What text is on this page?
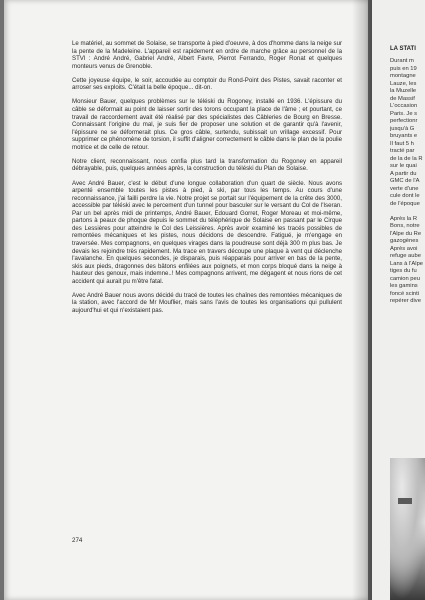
Le matériel, au sommet de Solaise, se transporte à pied d'oeuvre, à dos d'homme dans la neige sur la pente de la Madeleine. L'appareil est rapidement en ordre de marche grâce au personnel de la STVI : André André, Gabriel André, Albert Favre, Pierrot Ferrando, Roger Ronat et quelques monteurs venus de Grenoble.

Cette joyeuse équipe, le soir, accoudée au comptoir du Rond-Point des Pistes, savait raconter et arroser ses exploits. C'était la belle époque... dit-on.

Monsieur Bauer, quelques problèmes sur le téléski du Rogoney, installé en 1936. L'épissure du câble se déformait au point de laisser sortir des torons occupant la place de l'âme ; et pourtant, ce travail de raccordement avait été réalisé par des spécialistes des Câbleries de Bourg en Bresse. Connaissant l'origine du mal, je suis fier de proposer une solution et de garantir qu'à l'avenir, l'épissure ne se déformerait plus. Ce gros câble, surtendu, subissait un vrillage excessif. Pour supprimer ce phénomène de torsion, il suffit d'aligner correctement le câble dans le plan de la poulie motrice et de celle de retour.

Notre client, reconnaissant, nous confia plus tard la transformation du Rogoney en appareil débrayable, puis, quelques années après, la construction du téléski du Plan de Solaise.

Avec André Bauer, c'est le début d'une longue collaboration d'un quart de siècle. Nous avons arpenté ensemble toutes les pistes à pied, à ski, par tous les temps. Au cours d'une reconnaissance, j'ai failli perdre la vie. Notre projet se portait sur l'équipement de la crête des 3000, accessible par téléski avec le percement d'un tunnel pour basculer sur le versant du Col de l'Iseran. Par un bel après midi de printemps, André Bauer, Edouard Gorret, Roger Moreau et moi-même, partons à peaux de phoque depuis le sommet du téléphérique de Solaise en passant par le Cirque des Lessières pour atteindre le Col des Leissières. Après avoir examiné les tracés possibles de remontées mécaniques et les pistes, nous décidons de descendre. Fatigué, je m'engage en traversée. Mes compagnons, en quelques virages dans la poudreuse sont déjà 300 m plus bas. Je devais les rejoindre très rapidement. Ma trace en travers découpe une plaque à vent qui déclenche l'avalanche. En quelques secondes, je disparais, puis réapparais pour arriver en bas de la pente, skis aux pieds, dragonnes des bâtons enfilées aux poignets, et mon corps bloqué dans la neige à hauteur des genoux, mais indemne..! Mes compagnons arrivent, me dégagent et nous rions de cet accident qui aurait pu m'être fatal.

Avec André Bauer nous avons décidé du tracé de toutes les chaînes des remontées mécaniques de la station, avec l'accord de Mr Mouflier, mais sans l'avis de toutes les organisations qui pullulent aujourd'hui et qui n'existaient pas.

274
LA STATI
Durant m
puis en 19
montagne
Lauze, les
la Muzelle
de Massif
L'occasion
Paris. Je s
perfectionr
jusqu'à G
bruyants e
Il faut 5 h
tracté par
de la de la R
sur le quai
A partir du
GMC de l'A
verte d'une
cule dont le
de l'époque
Après la R
Bons, notre
l'Alpe du Re
gazogènes
Après avoi
refuge aube
Lans à l'Alpe
tiges du fu
camion peu
les gamins
foncé scinti
repérer dive
